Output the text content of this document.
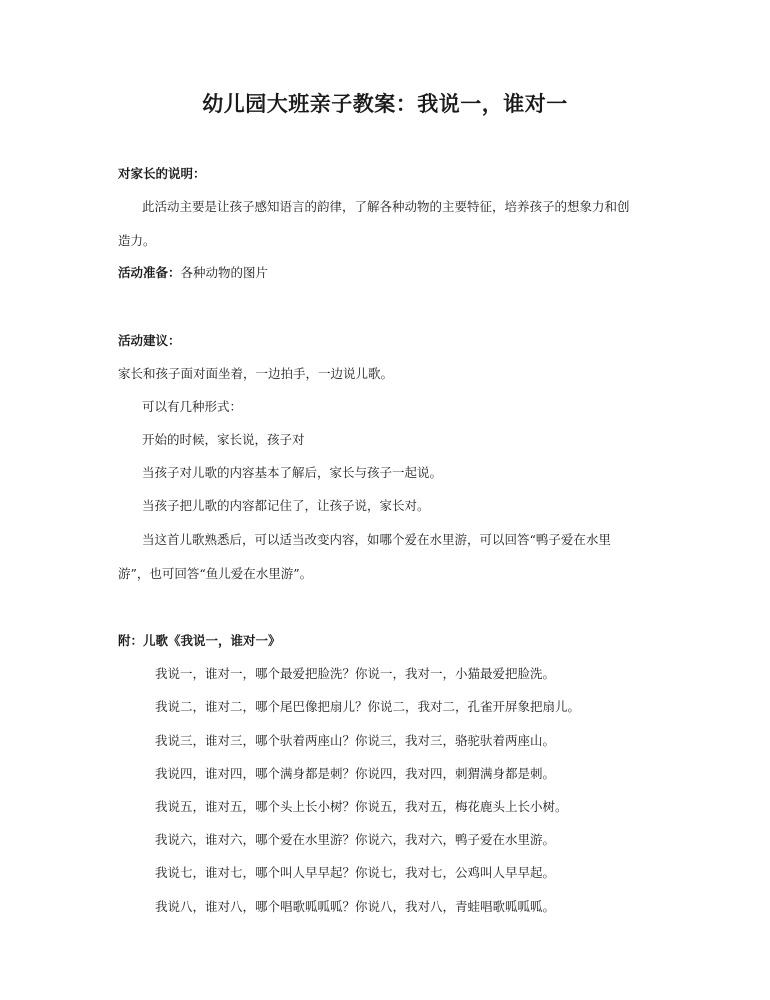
幼儿园大班亲子教案：我说一，谁对一

对家长的说明：

此活动主要是让孩子感知语言的韵律，了解各种动物的主要特征，培养孩子的想象力和创

造力。

活动准备：各种动物的图片

活动建议：

家长和孩子面对面坐着，一边拍手，一边说儿歌。

可以有几种形式：

开始的时候，家长说，孩子对

当孩子对儿歌的内容基本了解后，家长与孩子一起说。

当孩子把儿歌的内容都记住了，让孩子说，家长对。

当这首儿歌熟悉后，可以适当改变内容，如哪个爱在水里游，可以回答“鸭子爱在水里

游”，也可回答“鱼儿爱在水里游”。

附：儿歌《我说一，谁对一》

我说一，谁对一，哪个最爱把脸洗？你说一，我对一，小猫最爱把脸洗。

我说二，谁对二，哪个尾巴像把扇儿？你说二，我对二，孔雀开屏象把扇儿。

我说三，谁对三，哪个驮着两座山？你说三，我对三，骆驼驮着两座山。

我说四，谁对四，哪个满身都是刺？你说四，我对四，刺猬满身都是刺。

我说五，谁对五，哪个头上长小树？你说五，我对五，梅花鹿头上长小树。

我说六，谁对六，哪个爱在水里游？你说六，我对六，鸭子爱在水里游。

我说七，谁对七，哪个叫人早早起？你说七，我对七，公鸡叫人早早起。

我说八，谁对八，哪个唱歌呱呱呱？你说八，我对八，青蛙唱歌呱呱呱。
